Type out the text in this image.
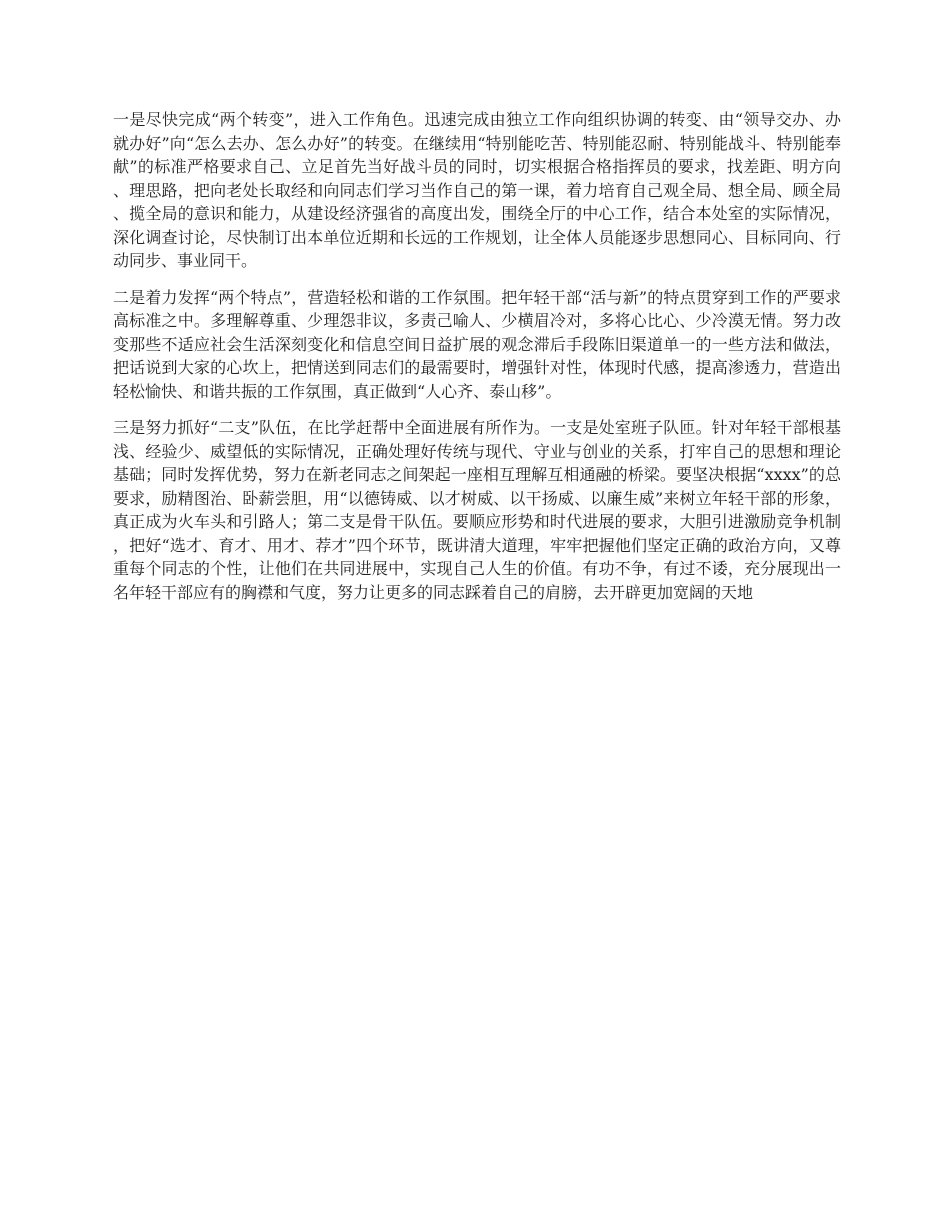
一是尽快完成“两个转变”，进入工作角色。迅速完成由独立工作向组织协调的转变、由“领导交办、办就办好”向“怎么去办、怎么办好”的转变。在继续用“特别能吃苦、特别能忍耐、特别能战斗、特别能奉献”的标准严格要求自己、立足首先当好战斗员的同时，切实根据合格指挥员的要求，找差距、明方向、理思路，把向老处长取经和向同志们学习当作自己的第一课，着力培育自己观全局、想全局、顾全局、揽全局的意识和能力，从建设经济强省的高度出发，围绕全厅的中心工作，结合本处室的实际情况，深化调查讨论，尽快制订出本单位近期和长远的工作规划，让全体人员能逐步思想同心、目标同向、行动同步、事业同干。

二是着力发挥“两个特点”，营造轻松和谐的工作氛围。把年轻干部“活与新”的特点贯穿到工作的严要求高标准之中。多理解尊重、少理怨非议，多责己喻人、少横眉冷对，多将心比心、少冷漠无情。努力改变那些不适应社会生活深刻变化和信息空间日益扩展的观念滞后手段陈旧渠道单一的一些方法和做法，把话说到大家的心坎上，把情送到同志们的最需要时，增强针对性，体现时代感，提高渗透力，营造出轻松愉快、和谐共振的工作氛围，真正做到“人心齐、泰山移”。

三是努力抓好“二支”队伍，在比学赶帮中全面进展有所作为。一支是处室班子队匝。针对年轻干部根基浅、经验少、威望低的实际情况，正确处理好传统与现代、守业与创业的关系，打牢自己的思想和理论基础；同时发挥优势，努力在新老同志之间架起一座相互理解互相通融的桥梁。要坚决根据“xxxx”的总要求，励精图治、卧薪尝胆，用“以德铸威、以才树威、以干扬威、以廉生威”来树立年轻干部的形象，真正成为火车头和引路人；第二支是骨干队伍。要顺应形势和时代进展的要求，大胆引进激励竞争机制，把好“选才、育才、用才、荐才”四个环节，既讲清大道理，牢牢把握他们坚定正确的政治方向，又尊重每个同志的个性，让他们在共同进展中，实现自己人生的价值。有功不争，有过不诿，充分展现出一名年轻干部应有的胸襟和气度，努力让更多的同志踩着自己的肩膀，去开辟更加宽阔的天地
